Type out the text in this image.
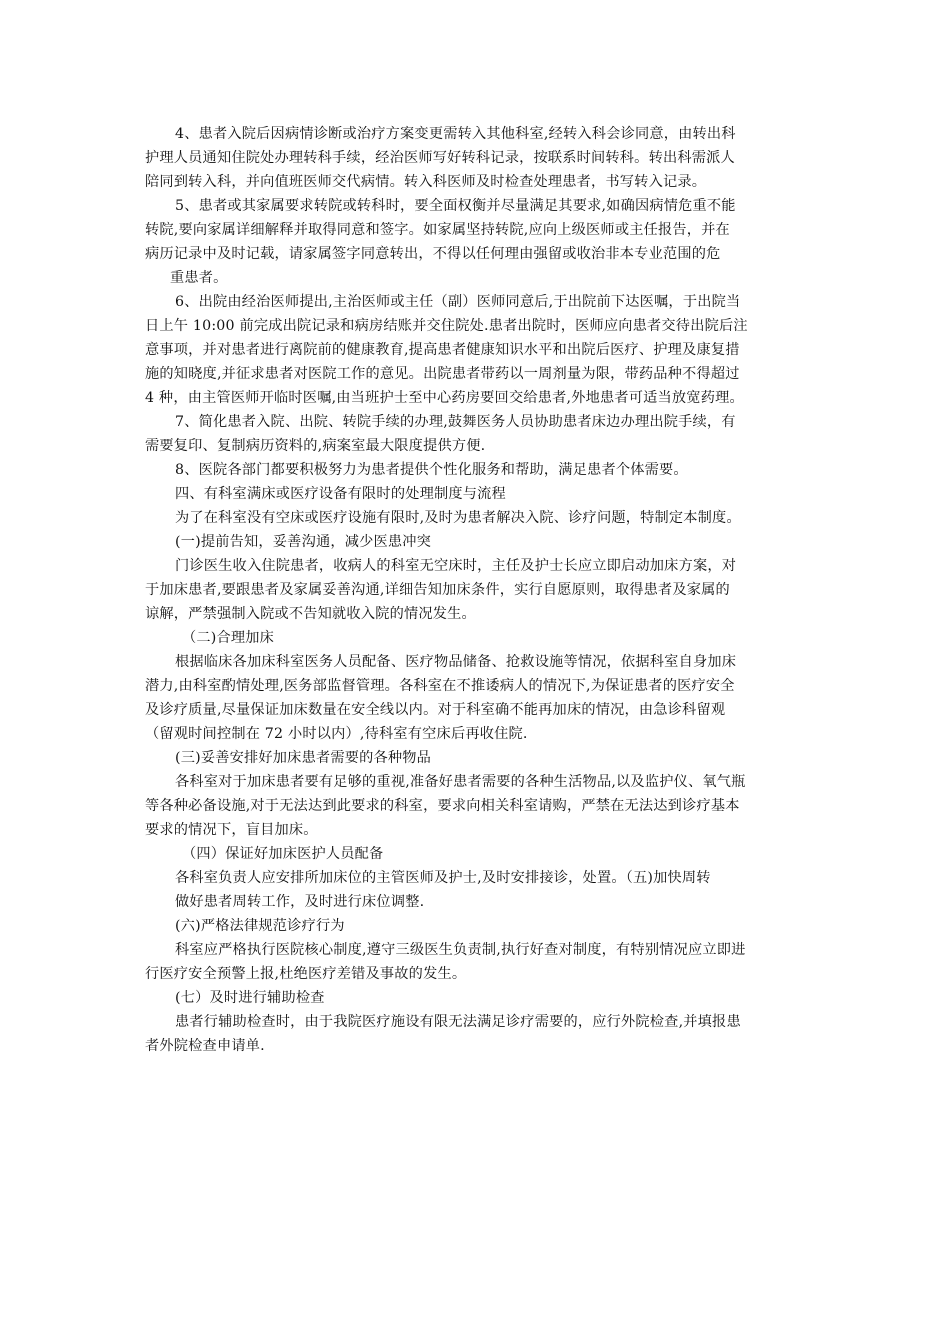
4、患者入院后因病情诊断或治疗方案变更需转入其他科室,经转入科会诊同意，由转出科
护理人员通知住院处办理转科手续，经治医师写好转科记录，按联系时间转科。转出科需派人
陪同到转入科，并向值班医师交代病情。转入科医师及时检查处理患者，书写转入记录。
5、患者或其家属要求转院或转科时，要全面权衡并尽量满足其要求,如确因病情危重不能
转院,要向家属详细解释并取得同意和签字。如家属坚持转院,应向上级医师或主任报告，并在
病历记录中及时记载，请家属签字同意转出，不得以任何理由强留或收治非本专业范围的危
重患者。
6、出院由经治医师提出,主治医师或主任（副）医师同意后,于出院前下达医嘱，于出院当
日上午 10:00 前完成出院记录和病房结账并交住院处.患者出院时，医师应向患者交待出院后注
意事项，并对患者进行离院前的健康教育,提高患者健康知识水平和出院后医疗、护理及康复措
施的知晓度,并征求患者对医院工作的意见。出院患者带药以一周剂量为限，带药品种不得超过
4 种，由主管医师开临时医嘱,由当班护士至中心药房要回交给患者,外地患者可适当放宽药理。
7、简化患者入院、出院、转院手续的办理,鼓舞医务人员协助患者床边办理出院手续，有
需要复印、复制病历资料的,病案室最大限度提供方便.
8、医院各部门都要积极努力为患者提供个性化服务和帮助，满足患者个体需要。
四、有科室满床或医疗设备有限时的处理制度与流程
为了在科室没有空床或医疗设施有限时,及时为患者解决入院、诊疗问题，特制定本制度。
(一)提前告知，妥善沟通，减少医患冲突
门诊医生收入住院患者，收病人的科室无空床时，主任及护士长应立即启动加床方案，对
于加床患者,要跟患者及家属妥善沟通,详细告知加床条件，实行自愿原则，取得患者及家属的
谅解，严禁强制入院或不告知就收入院的情况发生。
（二)合理加床
根据临床各加床科室医务人员配备、医疗物品储备、抢救设施等情况，依据科室自身加床
潜力,由科室酌情处理,医务部监督管理。各科室在不推诿病人的情况下,为保证患者的医疗安全
及诊疗质量,尽量保证加床数量在安全线以内。对于科室确不能再加床的情况，由急诊科留观
（留观时间控制在 72 小时以内）,待科室有空床后再收住院.
(三)妥善安排好加床患者需要的各种物品
各科室对于加床患者要有足够的重视,准备好患者需要的各种生活物品,以及监护仪、氧气瓶
等各种必备设施,对于无法达到此要求的科室，要求向相关科室请购，严禁在无法达到诊疗基本
要求的情况下，盲目加床。
（四）保证好加床医护人员配备
各科室负责人应安排所加床位的主管医师及护士,及时安排接诊，处置。（五)加快周转
做好患者周转工作，及时进行床位调整.
(六)严格法律规范诊疗行为
科室应严格执行医院核心制度,遵守三级医生负责制,执行好查对制度，有特别情况应立即进
行医疗安全预警上报,杜绝医疗差错及事故的发生。
(七）及时进行辅助检查
患者行辅助检查时，由于我院医疗施设有限无法满足诊疗需要的，应行外院检查,并填报患
者外院检查申请单.
